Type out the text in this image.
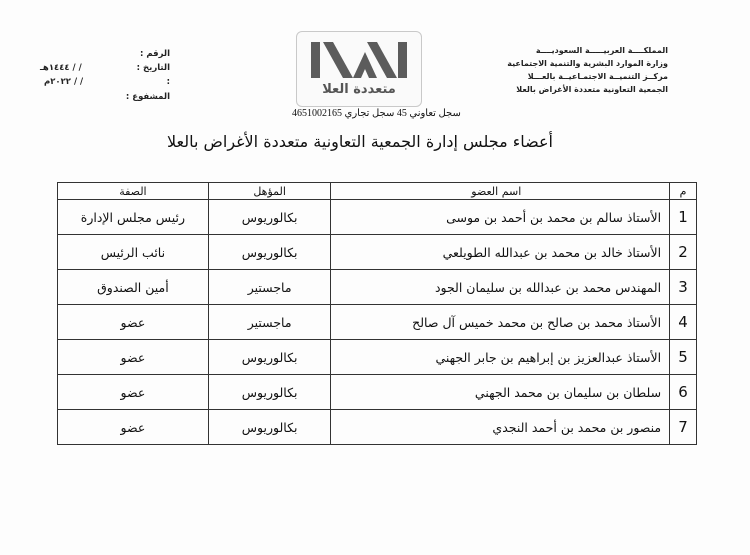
المملكــــة العربيـــــة السعوديــــة
وزارة الموارد البشرية والتنمية الاجتماعية
مركــز التنميــة الاجتمـاعيــة بالعـــلا
الجمعية التعاونية متعددة الأغراض بالعلا
الرقم :
التاريخ :
/ / ١٤٤٤هـ
:
/ / ٢٠٢٢م
المشفوع :	متعددة العلا
سجل تعاوني 45 سجل تجاري 4651002165
أعضاء مجلس إدارة الجمعية التعاونية متعددة الأغراض بالعلا
م	اسم العضو	المؤهل	الصفة
1	الأستاذ سالم بن محمد بن أحمد بن موسى	بكالوريوس	رئيس مجلس الإدارة
2	الأستاذ خالد بن محمد بن عبدالله الطويلعي	بكالوريوس	نائب الرئيس
3	المهندس محمد بن عبدالله بن سليمان الجود	ماجستير	أمين الصندوق
4	الأستاذ محمد بن صالح بن محمد خميس آل صالح	ماجستير	عضو
5	الأستاذ عبدالعزيز بن إبراهيم بن جابر الجهني	بكالوريوس	عضو
6	سلطان بن سليمان بن محمد الجهني	بكالوريوس	عضو
7	منصور بن محمد بن أحمد النجدي	بكالوريوس	عضو
